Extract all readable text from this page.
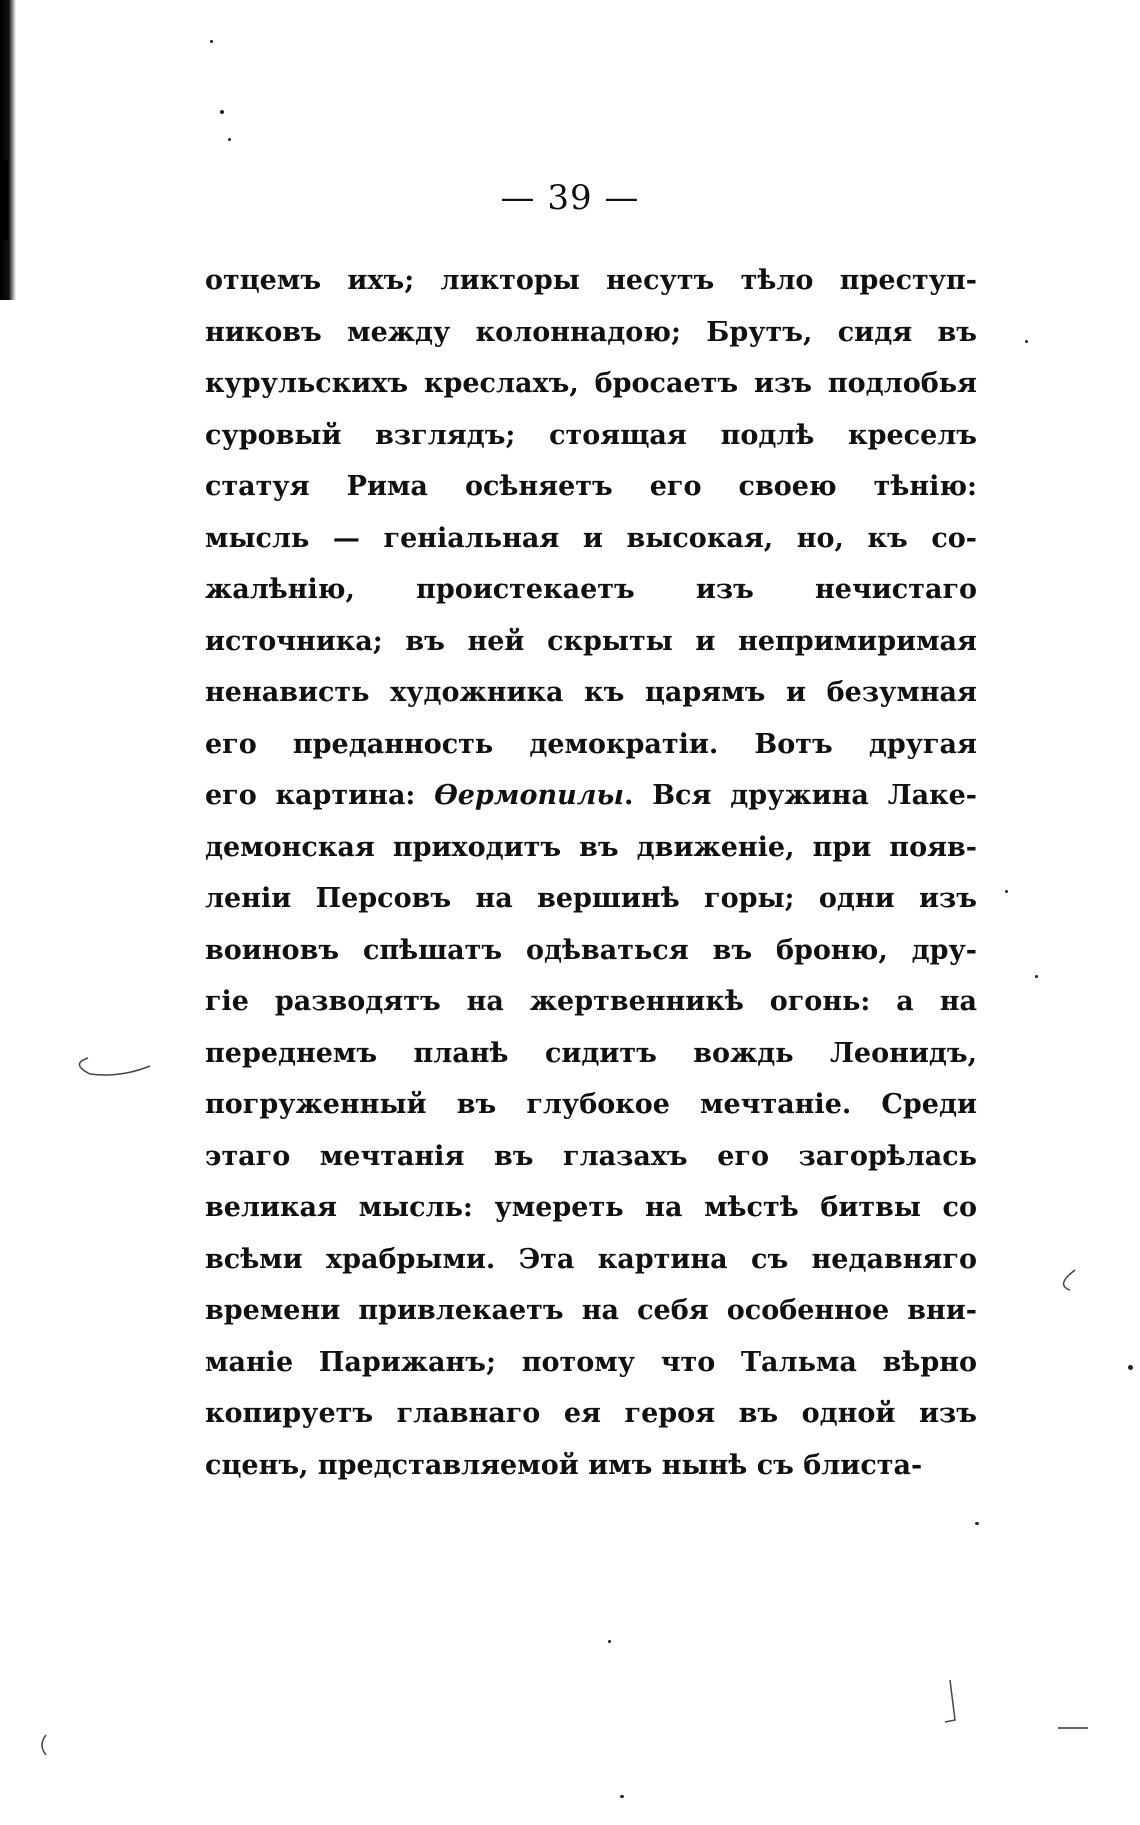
— 39 —
отцемъ ихъ; ликторы несутъ тѣло преступ-
никовъ между колоннадою; Брутъ, сидя въ
курульскихъ креслахъ, бросаетъ изъ подлобья
суровый взглядъ; стоящая подлѣ креселъ
статуя Рима осѣняетъ его своею тѣнію:
мысль — геніальная и высокая, но, къ со-
жалѣнію, проистекаетъ изъ нечистаго
источника; въ ней скрыты и непримиримая
ненависть художника къ царямъ и безумная
его преданность демократіи. Вотъ другая
его картина: Ѳермопилы. Вся дружина Лаке-
демонская приходитъ въ движеніе, при появ-
леніи Персовъ на вершинѣ горы; одни изъ
воиновъ спѣшатъ одѣваться въ броню, дру-
гіе разводятъ на жертвенникѣ огонь: а на
переднемъ планѣ сидитъ вождь Леонидъ,
погруженный въ глубокое мечтаніе. Среди
этаго мечтанія въ глазахъ его загорѣлась
великая мысль: умереть на мѣстѣ битвы со
всѣми храбрыми. Эта картина съ недавняго
времени привлекаетъ на себя особенное вни-
маніе Парижанъ; потому что Тальма вѣрно
копируетъ главнаго ея героя въ одной изъ
сценъ, представляемой имъ нынѣ съ блиста-
